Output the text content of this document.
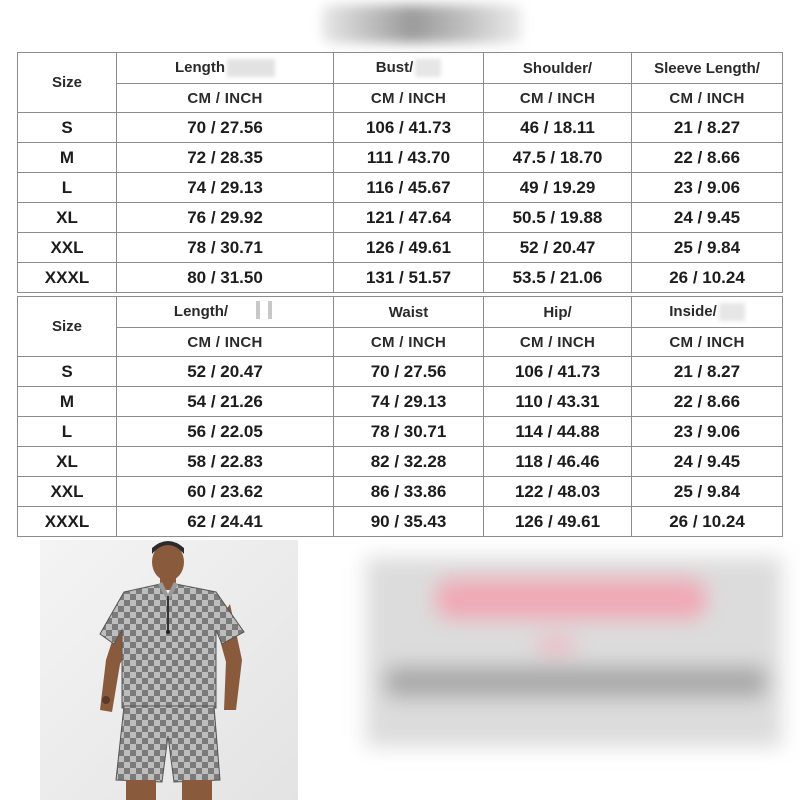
Size	Length	Bust/	Shoulder/	Sleeve Length/
	CM / INCH	CM / INCH	CM / INCH	CM / INCH
S	70 / 27.56	106 / 41.73	46 / 18.11	21 / 8.27
M	72 / 28.35	111 / 43.70	47.5 / 18.70	22 / 8.66
L	74 / 29.13	116 / 45.67	49 / 19.29	23 / 9.06
XL	76 / 29.92	121 / 47.64	50.5 / 19.88	24 / 9.45
XXL	78 / 30.71	126 / 49.61	52 / 20.47	25 / 9.84
XXXL	80 / 31.50	131 / 51.57	53.5 / 21.06	26 / 10.24
Size	Length/	Waist	Hip/	Inside/
	CM / INCH	CM / INCH	CM / INCH	CM / INCH
S	52 / 20.47	70 / 27.56	106 / 41.73	21 / 8.27
M	54 / 21.26	74 / 29.13	110 / 43.31	22 / 8.66
L	56 / 22.05	78 / 30.71	114 / 44.88	23 / 9.06
XL	58 / 22.83	82 / 32.28	118 / 46.46	24 / 9.45
XXL	60 / 23.62	86 / 33.86	122 / 48.03	25 / 9.84
XXXL	62 / 24.41	90 / 35.43	126 / 49.61	26 / 10.24
